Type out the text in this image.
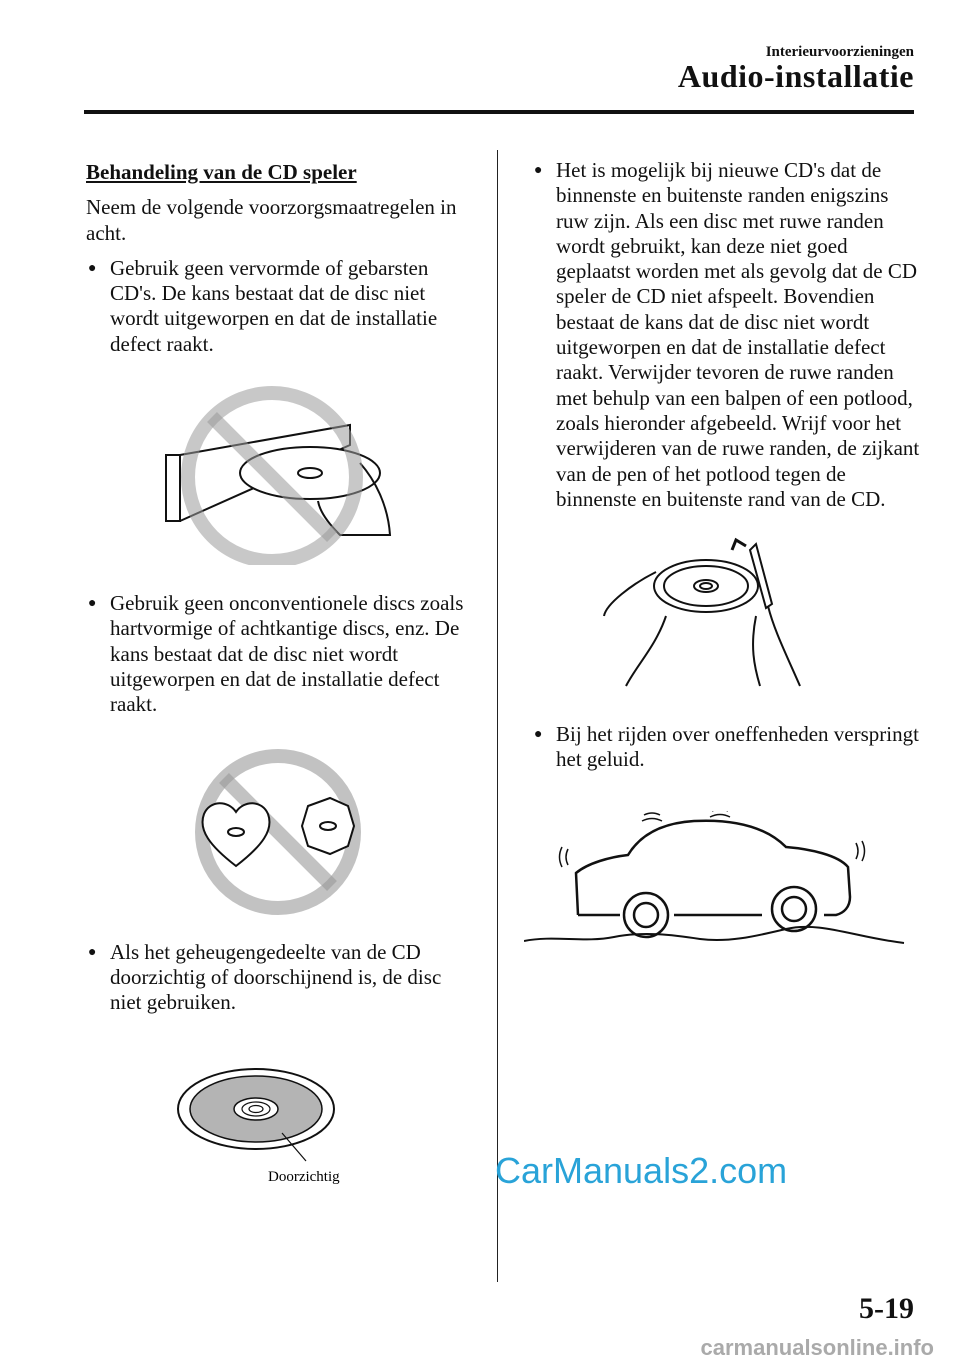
Interieurvoorzieningen
Audio-installatie
Behandeling van de CD speler
Neem de volgende voorzorgsmaatregelen in acht.
● Gebruik geen vervormde of gebarsten CD's. De kans bestaat dat de disc niet wordt uitgeworpen en dat de installatie defect raakt.
● Gebruik geen onconventionele discs zoals hartvormige of achtkantige discs, enz. De kans bestaat dat de disc niet wordt uitgeworpen en dat de installatie defect raakt.
● Als het geheugengedeelte van de CD doorzichtig of doorschijnend is, de disc niet gebruiken.
Doorzichtig
● Het is mogelijk bij nieuwe CD's dat de binnenste en buitenste randen enigszins ruw zijn. Als een disc met ruwe randen wordt gebruikt, kan deze niet goed geplaatst worden met als gevolg dat de CD speler de CD niet afspeelt. Bovendien bestaat de kans dat de disc niet wordt uitgeworpen en dat de installatie defect raakt. Verwijder tevoren de ruwe randen met behulp van een balpen of een potlood, zoals hieronder afgebeeld. Wrijf voor het verwijderen van de ruwe randen, de zijkant van de pen of het potlood tegen de binnenste en buitenste rand van de CD.
● Bij het rijden over oneffenheden verspringt het geluid.
CarManuals2.com
5-19
carmanualsonline.info
